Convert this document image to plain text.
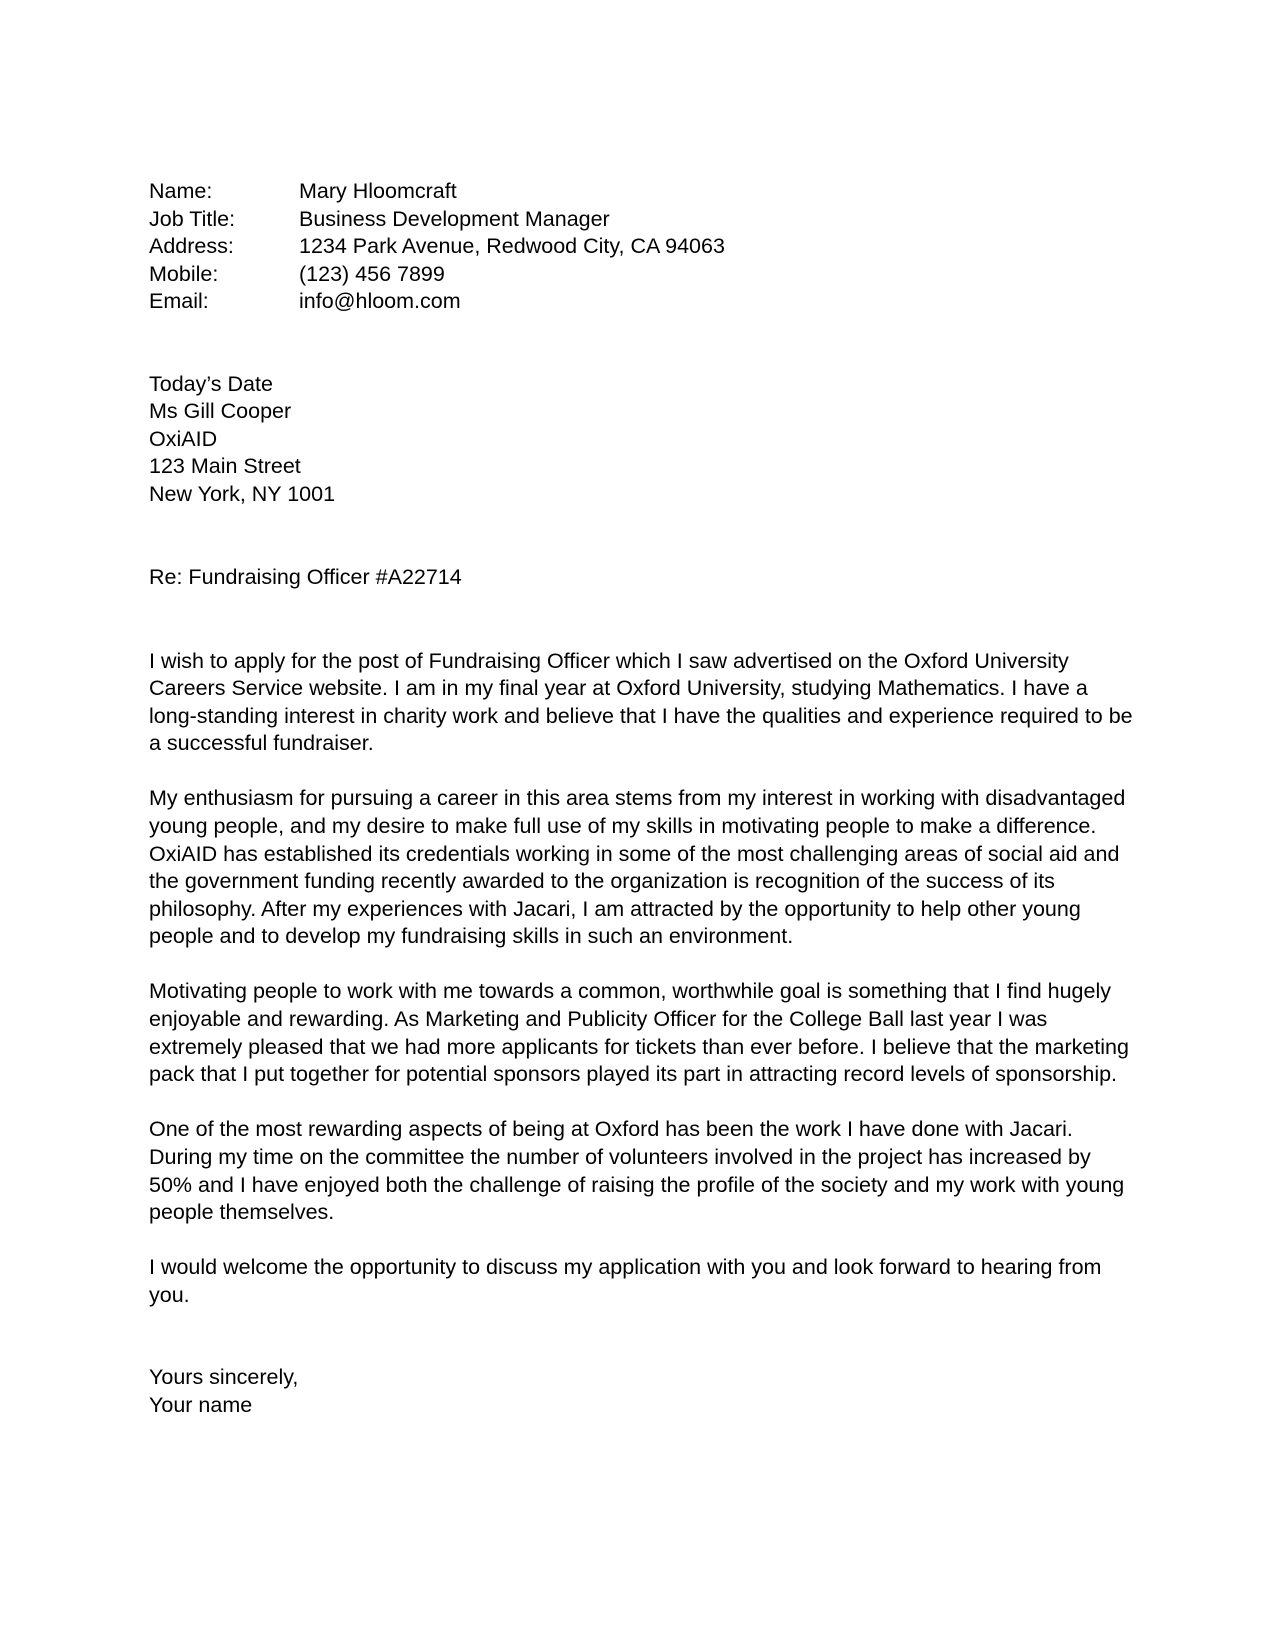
Name:	Mary Hloomcraft
Job Title:	Business Development Manager
Address:	1234 Park Avenue, Redwood City, CA 94063
Mobile:	(123) 456 7899
Email:	info@hloom.com
Today’s Date
Ms Gill Cooper
OxiAID
123 Main Street
New York, NY 1001
Re: Fundraising Officer #A22714

I wish to apply for the post of Fundraising Officer which I saw advertised on the Oxford University Careers Service website. I am in my final year at Oxford University, studying Mathematics. I have a long-standing interest in charity work and believe that I have the qualities and experience required to be a successful fundraiser.

My enthusiasm for pursuing a career in this area stems from my interest in working with disadvantaged young people, and my desire to make full use of my skills in motivating people to make a difference. OxiAID has established its credentials working in some of the most challenging areas of social aid and the government funding recently awarded to the organization is recognition of the success of its philosophy. After my experiences with Jacari, I am attracted by the opportunity to help other young people and to develop my fundraising skills in such an environment.

Motivating people to work with me towards a common, worthwhile goal is something that I find hugely enjoyable and rewarding. As Marketing and Publicity Officer for the College Ball last year I was extremely pleased that we had more applicants for tickets than ever before. I believe that the marketing pack that I put together for potential sponsors played its part in attracting record levels of sponsorship.

One of the most rewarding aspects of being at Oxford has been the work I have done with Jacari. During my time on the committee the number of volunteers involved in the project has increased by 50% and I have enjoyed both the challenge of raising the profile of the society and my work with young people themselves.

I would welcome the opportunity to discuss my application with you and look forward to hearing from you.

Yours sincerely,
Your name
